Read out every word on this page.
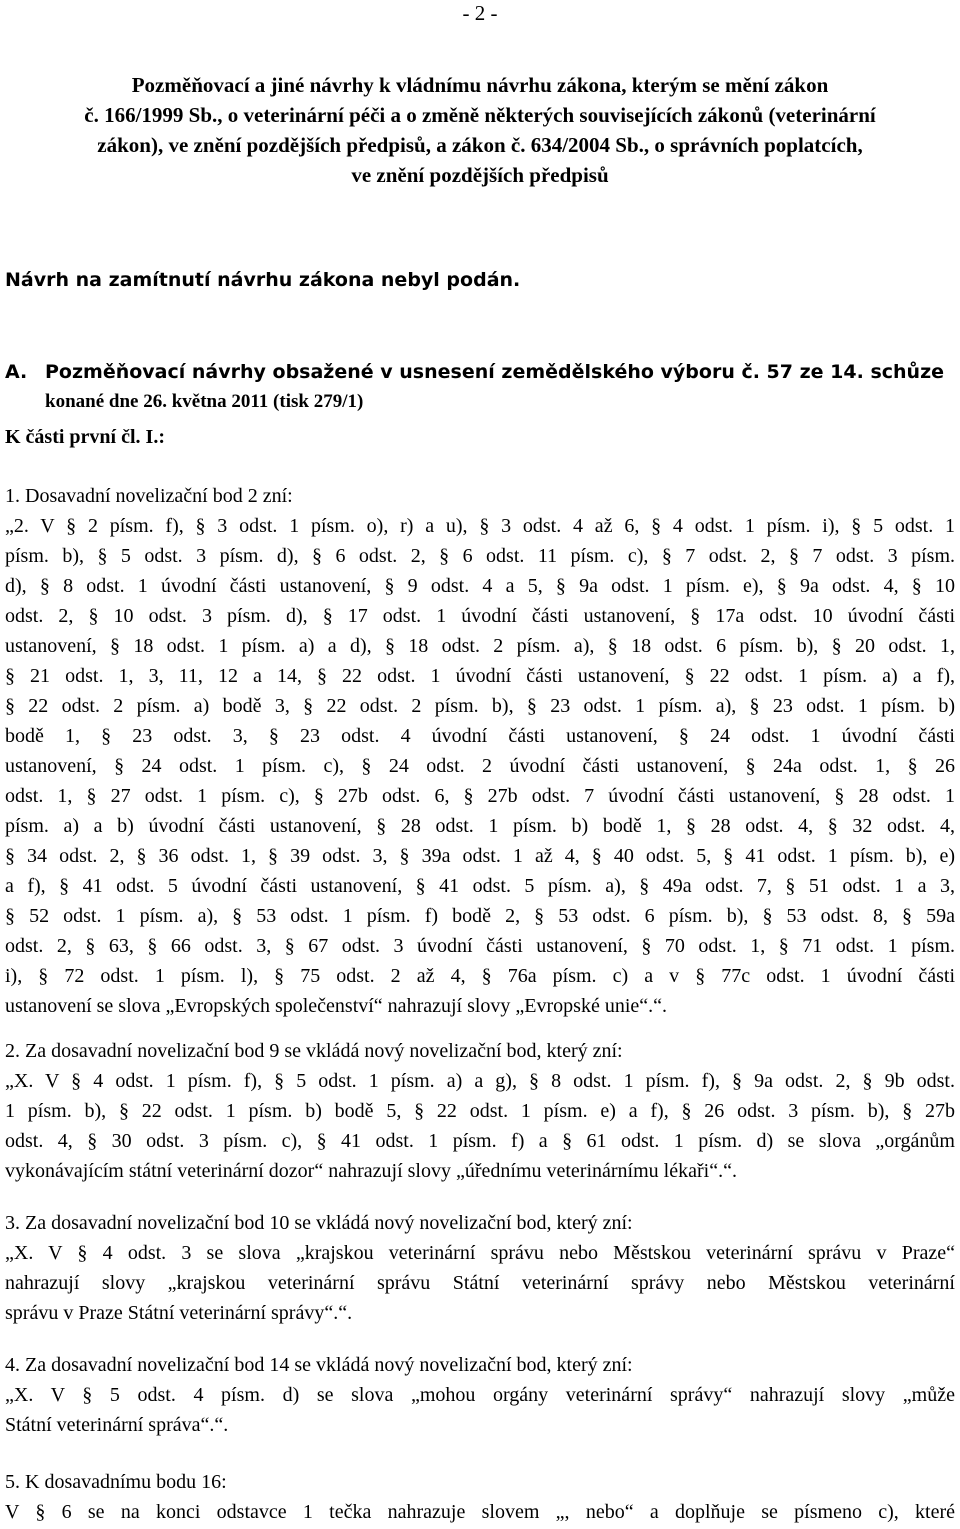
- 2 -
Pozměňovací a jiné návrhy k vládnímu návrhu zákona, kterým se mění zákon
č. 166/1999 Sb., o veterinární péči a o změně některých souvisejících zákonů (veterinární
zákon), ve znění pozdějších předpisů, a zákon č. 634/2004 Sb., o správních poplatcích,
ve znění pozdějších předpisů
Návrh na zamítnutí návrhu zákona nebyl podán.
A. Pozměňovací návrhy obsažené v usnesení zemědělského výboru č. 57 ze 14. schůze
konané dne 26. května 2011 (tisk 279/1)
K části první čl. I.:
1. Dosavadní novelizační bod 2 zní:
„2. V § 2 písm. f), § 3 odst. 1 písm. o), r) a u), § 3 odst. 4 až 6, § 4 odst. 1 písm. i), § 5 odst. 1
písm. b), § 5 odst. 3 písm. d), § 6 odst. 2, § 6 odst. 11 písm. c), § 7 odst. 2, § 7 odst. 3 písm.
d), § 8 odst. 1 úvodní části ustanovení, § 9 odst. 4 a 5, § 9a odst. 1 písm. e), § 9a odst. 4, § 10
odst. 2, § 10 odst. 3 písm. d), § 17 odst. 1 úvodní části ustanovení, § 17a odst. 10 úvodní části
ustanovení, § 18 odst. 1 písm. a) a d), § 18 odst. 2 písm. a), § 18 odst. 6 písm. b), § 20 odst. 1,
§ 21 odst. 1, 3, 11, 12 a 14, § 22 odst. 1 úvodní části ustanovení, § 22 odst. 1 písm. a) a f),
§ 22 odst. 2 písm. a) bodě 3, § 22 odst. 2 písm. b), § 23 odst. 1 písm. a), § 23 odst. 1 písm. b)
bodě 1, § 23 odst. 3, § 23 odst. 4 úvodní části ustanovení, § 24 odst. 1 úvodní části
ustanovení, § 24 odst. 1 písm. c), § 24 odst. 2 úvodní části ustanovení, § 24a odst. 1, § 26
odst. 1, § 27 odst. 1 písm. c), § 27b odst. 6, § 27b odst. 7 úvodní části ustanovení, § 28 odst. 1
písm. a) a b) úvodní části ustanovení, § 28 odst. 1 písm. b) bodě 1, § 28 odst. 4, § 32 odst. 4,
§ 34 odst. 2, § 36 odst. 1, § 39 odst. 3, § 39a odst. 1 až 4, § 40 odst. 5, § 41 odst. 1 písm. b), e)
a f), § 41 odst. 5 úvodní části ustanovení, § 41 odst. 5 písm. a), § 49a odst. 7, § 51 odst. 1 a 3,
§ 52 odst. 1 písm. a), § 53 odst. 1 písm. f) bodě 2, § 53 odst. 6 písm. b), § 53 odst. 8, § 59a
odst. 2, § 63, § 66 odst. 3, § 67 odst. 3 úvodní části ustanovení, § 70 odst. 1, § 71 odst. 1 písm.
i), § 72 odst. 1 písm. l), § 75 odst. 2 až 4, § 76a písm. c) a v § 77c odst. 1 úvodní části
ustanovení se slova „Evropských společenství“ nahrazují slovy „Evropské unie“.“.
2. Za dosavadní novelizační bod 9 se vkládá nový novelizační bod, který zní:
„X. V § 4 odst. 1 písm. f), § 5 odst. 1 písm. a) a g), § 8 odst. 1 písm. f), § 9a odst. 2, § 9b odst.
1 písm. b), § 22 odst. 1 písm. b) bodě 5, § 22 odst. 1 písm. e) a f), § 26 odst. 3 písm. b), § 27b
odst. 4, § 30 odst. 3 písm. c), § 41 odst. 1 písm. f) a § 61 odst. 1 písm. d) se slova „orgánům
vykonávajícím státní veterinární dozor“ nahrazují slovy „úřednímu veterinárnímu lékaři“.“.
3. Za dosavadní novelizační bod 10 se vkládá nový novelizační bod, který zní:
„X. V § 4 odst. 3 se slova „krajskou veterinární správu nebo Městskou veterinární správu v Praze“
nahrazují slovy „krajskou veterinární správu Státní veterinární správy nebo Městskou veterinární
správu v Praze Státní veterinární správy“.“.
4. Za dosavadní novelizační bod 14 se vkládá nový novelizační bod, který zní:
„X. V § 5 odst. 4 písm. d) se slova „mohou orgány veterinární správy“ nahrazují slovy „může
Státní veterinární správa“.“.
5. K dosavadnímu bodu 16:
V § 6 se na konci odstavce 1 tečka nahrazuje slovem „, nebo“ a doplňuje se písmeno c), které
